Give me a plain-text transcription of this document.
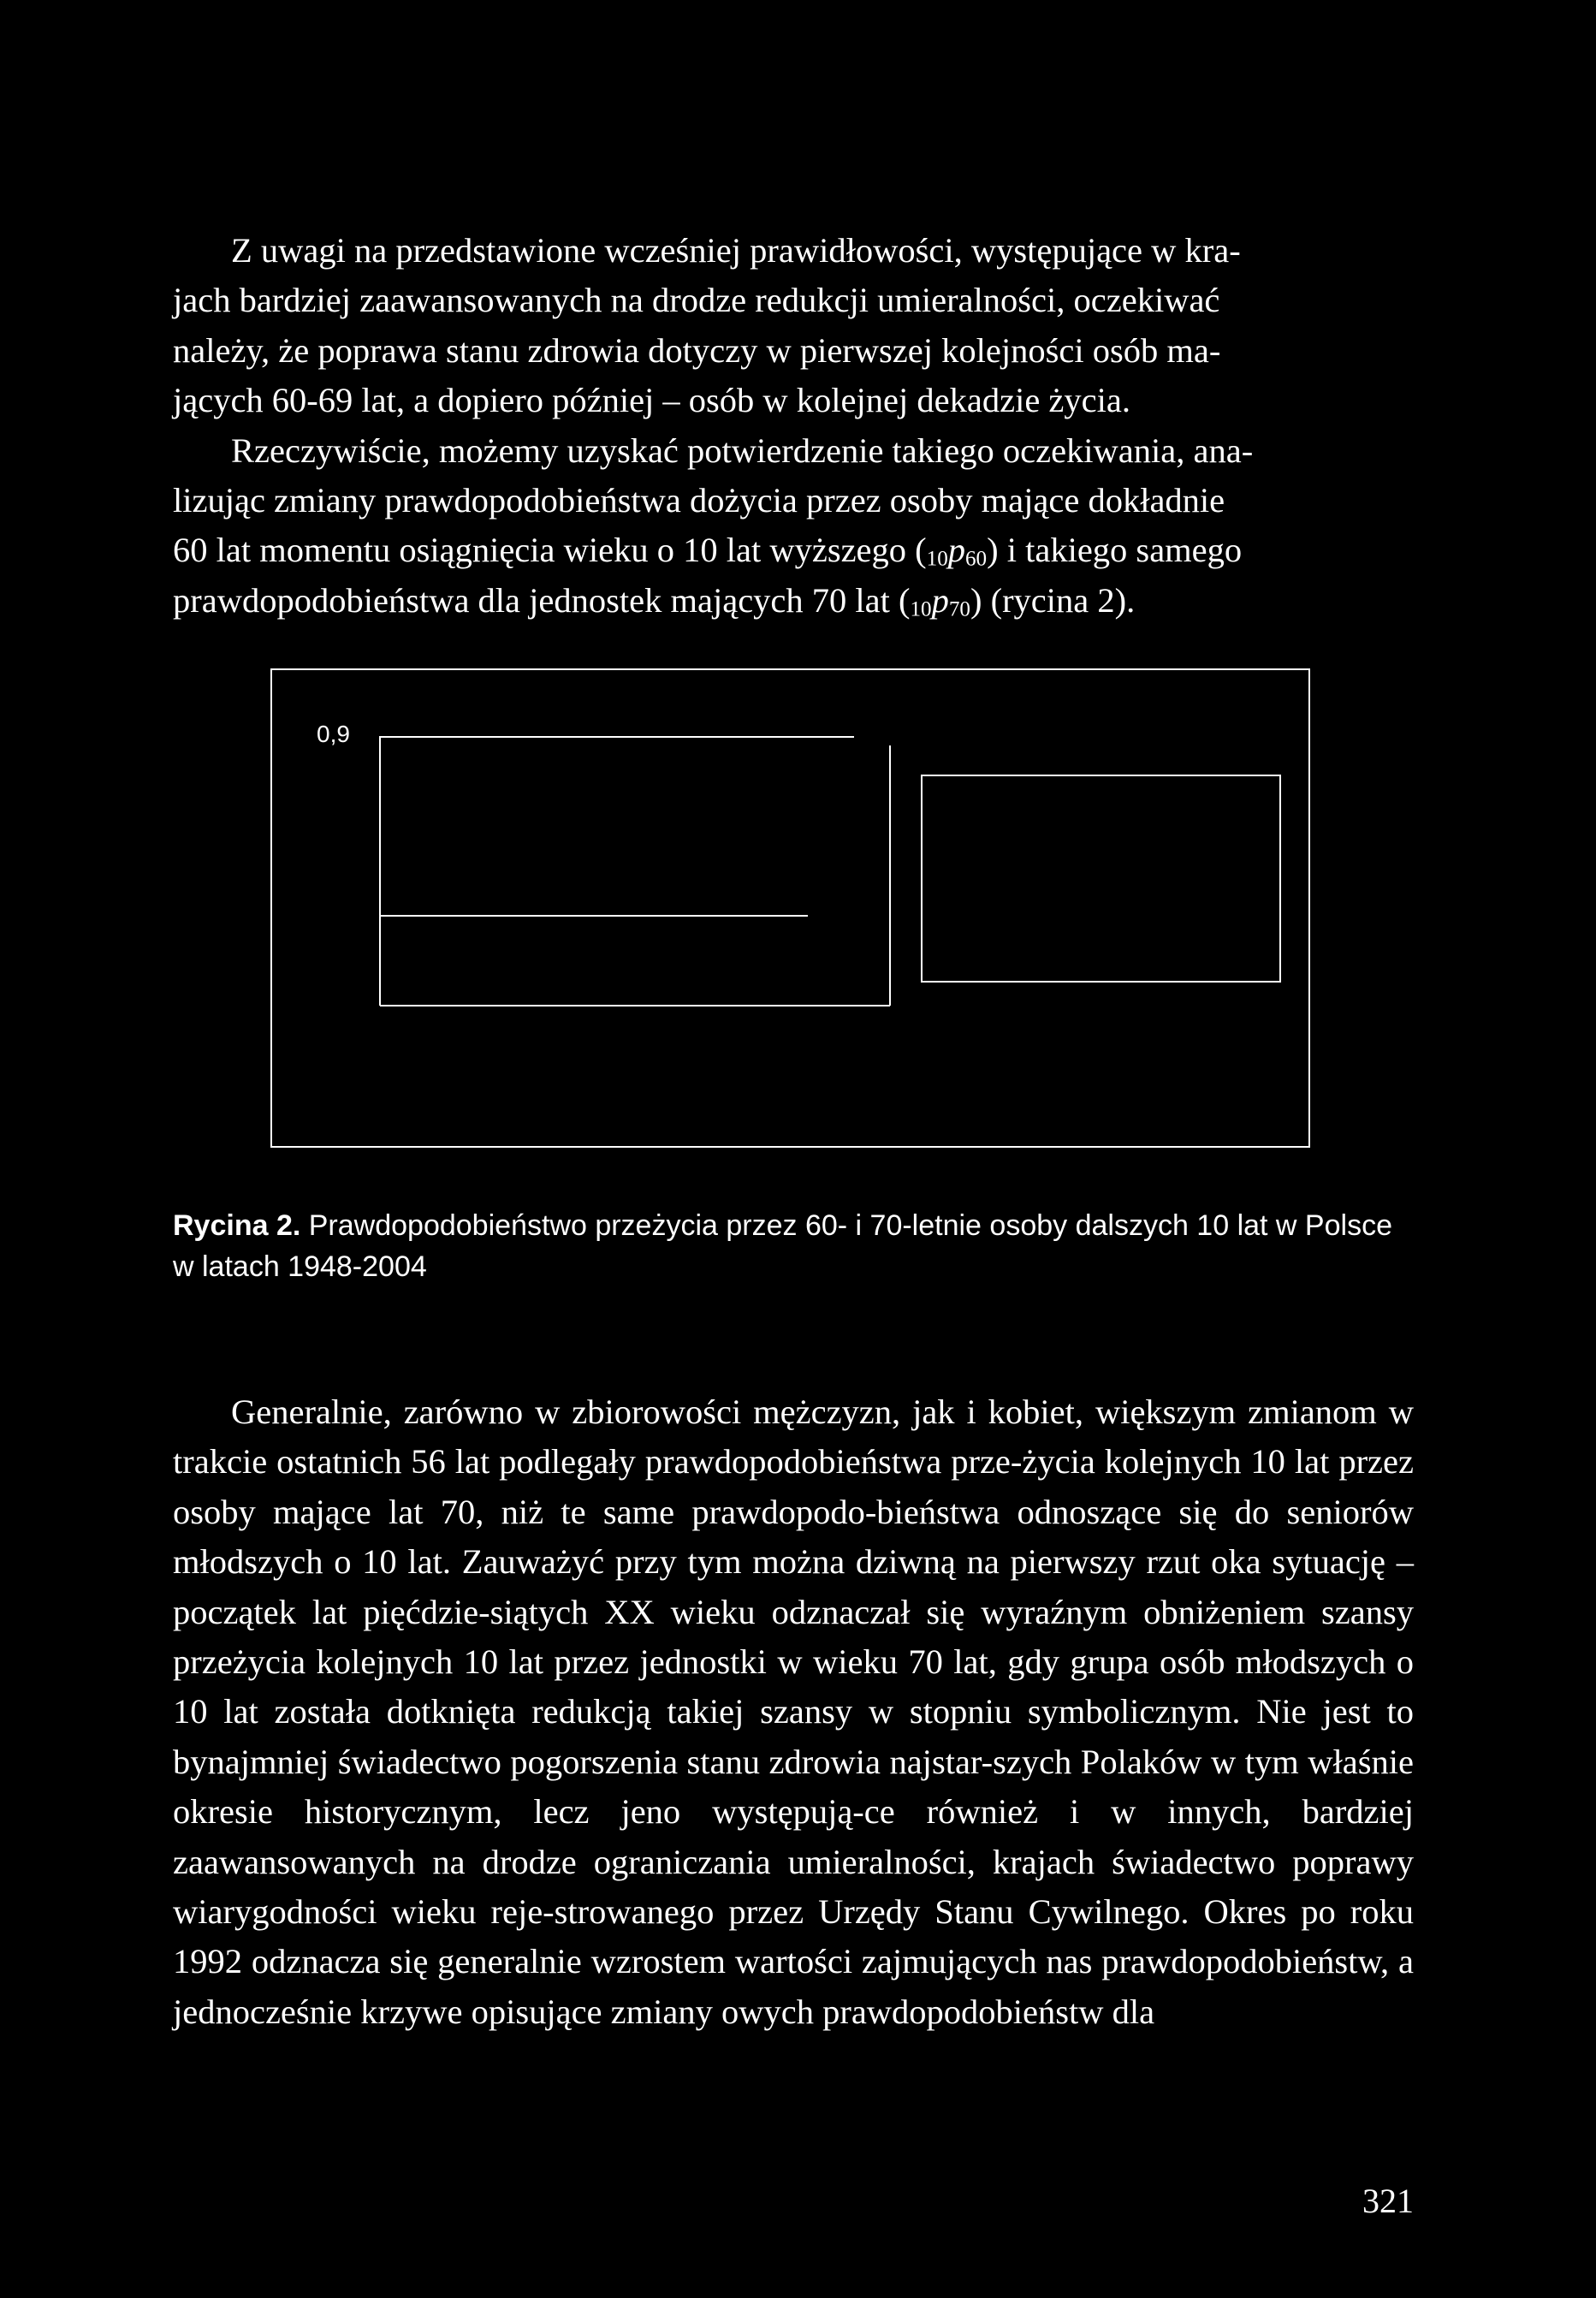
Z uwagi na przedstawione wcześniej prawidłowości, występujące w kra-
jach bardziej zaawansowanych na drodze redukcji umieralności, oczekiwać
należy, że poprawa stanu zdrowia dotyczy w pierwszej kolejności osób ma-
jących 60-69 lat, a dopiero później – osób w kolejnej dekadzie życia.
Rzeczywiście, możemy uzyskać potwierdzenie takiego oczekiwania, ana-
lizując zmiany prawdopodobieństwa dożycia przez osoby mające dokładnie
60 lat momentu osiągnięcia wieku o 10 lat wyższego (10p60) i takiego samego
prawdopodobieństwa dla jednostek mających 70 lat (10p70) (rycina 2).
0,9
Rycina 2. Prawdopodobieństwo przeżycia przez 60- i 70-letnie osoby dalszych 10 lat w Polsce w latach 1948-2004

Generalnie, zarówno w zbiorowości mężczyzn, jak i kobiet, większym zmianom w trakcie ostatnich 56 lat podlegały prawdopodobieństwa prze-życia kolejnych 10 lat przez osoby mające lat 70, niż te same prawdopodo-bieństwa odnoszące się do seniorów młodszych o 10 lat. Zauważyć przy tym można dziwną na pierwszy rzut oka sytuację – początek lat pięćdzie-siątych XX wieku odznaczał się wyraźnym obniżeniem szansy przeżycia kolejnych 10 lat przez jednostki w wieku 70 lat, gdy grupa osób młodszych o 10 lat została dotknięta redukcją takiej szansy w stopniu symbolicznym. Nie jest to bynajmniej świadectwo pogorszenia stanu zdrowia najstar-szych Polaków w tym właśnie okresie historycznym, lecz jeno występują-ce również i w innych, bardziej zaawansowanych na drodze ograniczania umieralności, krajach świadectwo poprawy wiarygodności wieku reje-strowanego przez Urzędy Stanu Cywilnego. Okres po roku 1992 odznacza się generalnie wzrostem wartości zajmujących nas prawdopodobieństw, a jednocześnie krzywe opisujące zmiany owych prawdopodobieństw dla

321
